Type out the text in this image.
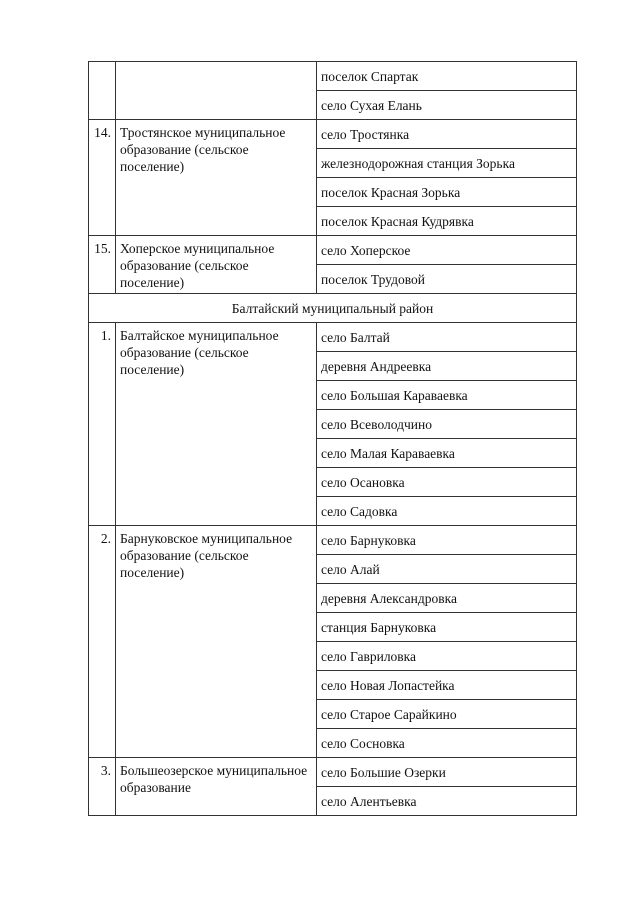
		поселок Спартак
		село Сухая Елань
14.	Тростянское муниципальное образование (сельское поселение)	село Тростянка
		железнодорожная станция Зорька
		поселок Красная Зорька
		поселок Красная Кудрявка
15.	Хоперское муниципальное образование (сельское поселение)	село Хоперское
		поселок Трудовой
Балтайский муниципальный район		
1.	Балтайское муниципальное образование (сельское поселение)	село Балтай
		деревня Андреевка
		село Большая Караваевка
		село Всеволодчино
		село Малая Караваевка
		село Осановка
		село Садовка
2.	Барнуковское муниципальное образование (сельское поселение)	село Барнуковка
		село Алай
		деревня Александровка
		станция Барнуковка
		село Гавриловка
		село Новая Лопастейка
		село Старое Сарайкино
		село Сосновка
3.	Большеозерское муниципальное образование	село Большие Озерки
		село Алентьевка
